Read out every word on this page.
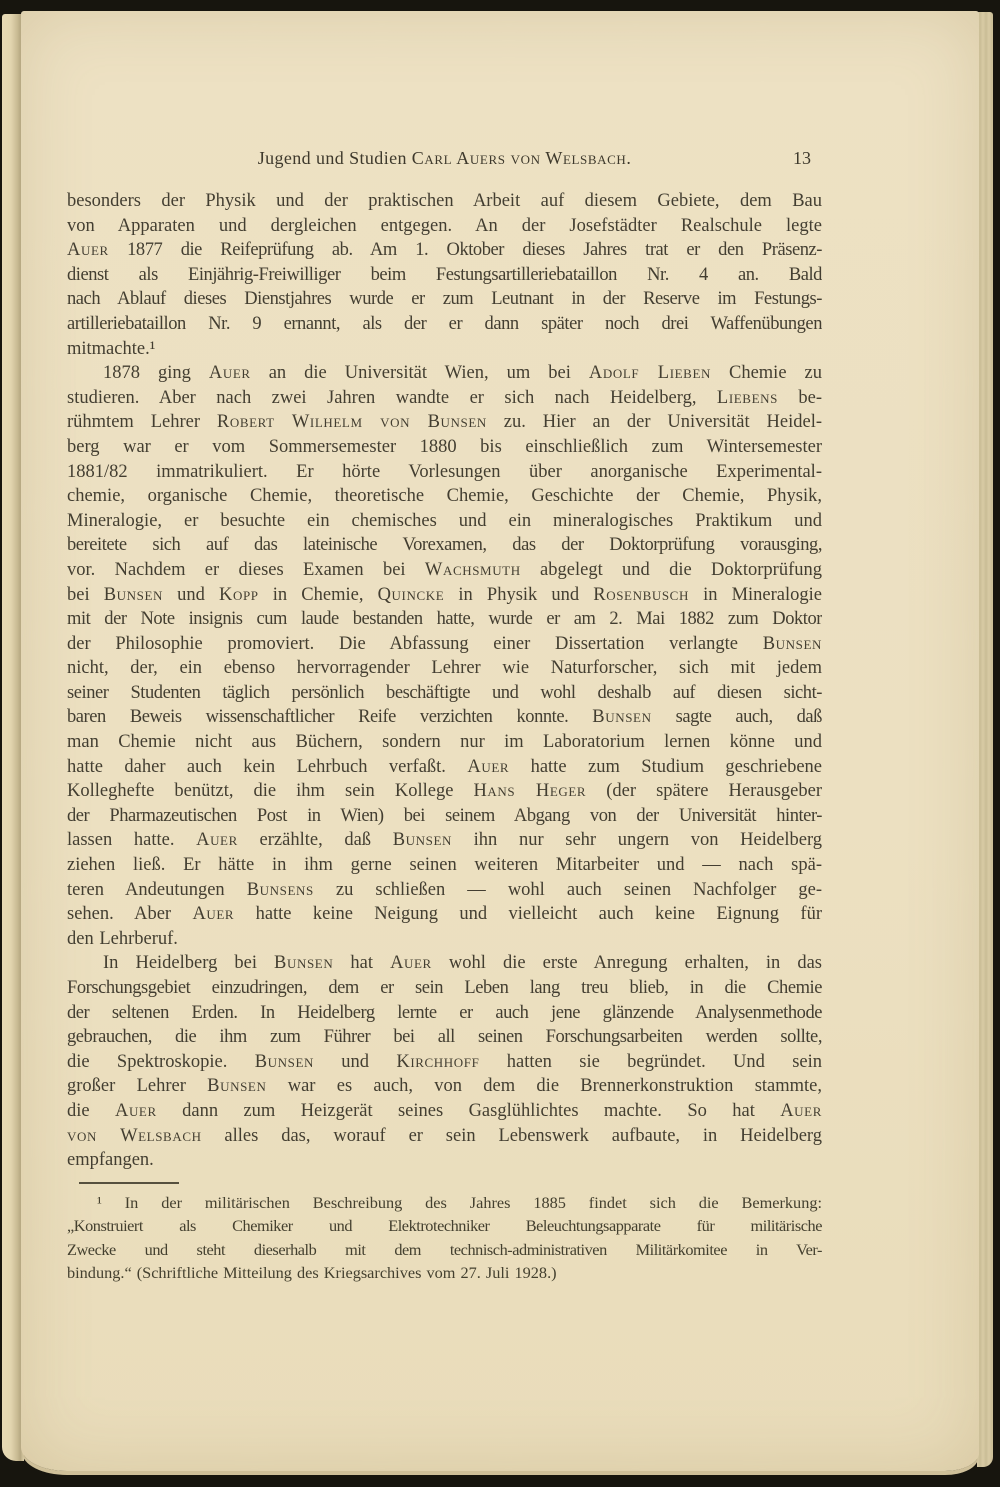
Jugend und Studien Carl Auers von Welsbach.	13
besonders der Physik und der praktischen Arbeit auf diesem Gebiete, dem Bau
von Apparaten und dergleichen entgegen. An der Josefstädter Realschule legte
Auer 1877 die Reifeprüfung ab. Am 1. Oktober dieses Jahres trat er den Präsenz-
dienst als Einjährig-Freiwilliger beim Festungsartilleriebataillon Nr. 4 an. Bald
nach Ablauf dieses Dienstjahres wurde er zum Leutnant in der Reserve im Festungs-
artilleriebataillon Nr. 9 ernannt, als der er dann später noch drei Waffenübungen
mitmachte.¹
1878 ging Auer an die Universität Wien, um bei Adolf Lieben Chemie zu
studieren. Aber nach zwei Jahren wandte er sich nach Heidelberg, Liebens be-
rühmtem Lehrer Robert Wilhelm von Bunsen zu. Hier an der Universität Heidel-
berg war er vom Sommersemester 1880 bis einschließlich zum Wintersemester
1881/82 immatrikuliert. Er hörte Vorlesungen über anorganische Experimental-
chemie, organische Chemie, theoretische Chemie, Geschichte der Chemie, Physik,
Mineralogie, er besuchte ein chemisches und ein mineralogisches Praktikum und
bereitete sich auf das lateinische Vorexamen, das der Doktorprüfung vorausging,
vor. Nachdem er dieses Examen bei Wachsmuth abgelegt und die Doktorprüfung
bei Bunsen und Kopp in Chemie, Quincke in Physik und Rosenbusch in Mineralogie
mit der Note insignis cum laude bestanden hatte, wurde er am 2. Mai 1882 zum Doktor
der Philosophie promoviert. Die Abfassung einer Dissertation verlangte Bunsen
nicht, der, ein ebenso hervorragender Lehrer wie Naturforscher, sich mit jedem
seiner Studenten täglich persönlich beschäftigte und wohl deshalb auf diesen sicht-
baren Beweis wissenschaftlicher Reife verzichten konnte. Bunsen sagte auch, daß
man Chemie nicht aus Büchern, sondern nur im Laboratorium lernen könne und
hatte daher auch kein Lehrbuch verfaßt. Auer hatte zum Studium geschriebene
Kolleghefte benützt, die ihm sein Kollege Hans Heger (der spätere Herausgeber
der Pharmazeutischen Post in Wien) bei seinem Abgang von der Universität hinter-
lassen hatte. Auer erzählte, daß Bunsen ihn nur sehr ungern von Heidelberg
ziehen ließ. Er hätte in ihm gerne seinen weiteren Mitarbeiter und — nach spä-
teren Andeutungen Bunsens zu schließen — wohl auch seinen Nachfolger ge-
sehen. Aber Auer hatte keine Neigung und vielleicht auch keine Eignung für
den Lehrberuf.
In Heidelberg bei Bunsen hat Auer wohl die erste Anregung erhalten, in das
Forschungsgebiet einzudringen, dem er sein Leben lang treu blieb, in die Chemie
der seltenen Erden. In Heidelberg lernte er auch jene glänzende Analysenmethode
gebrauchen, die ihm zum Führer bei all seinen Forschungsarbeiten werden sollte,
die Spektroskopie. Bunsen und Kirchhoff hatten sie begründet. Und sein
großer Lehrer Bunsen war es auch, von dem die Brennerkonstruktion stammte,
die Auer dann zum Heizgerät seines Gasglühlichtes machte. So hat Auer
von Welsbach alles das, worauf er sein Lebenswerk aufbaute, in Heidelberg
empfangen.
¹ In der militärischen Beschreibung des Jahres 1885 findet sich die Bemerkung:
„Konstruiert als Chemiker und Elektrotechniker Beleuchtungsapparate für militärische
Zwecke und steht dieserhalb mit dem technisch-administrativen Militärkomitee in Ver-
bindung.“ (Schriftliche Mitteilung des Kriegsarchives vom 27. Juli 1928.)
